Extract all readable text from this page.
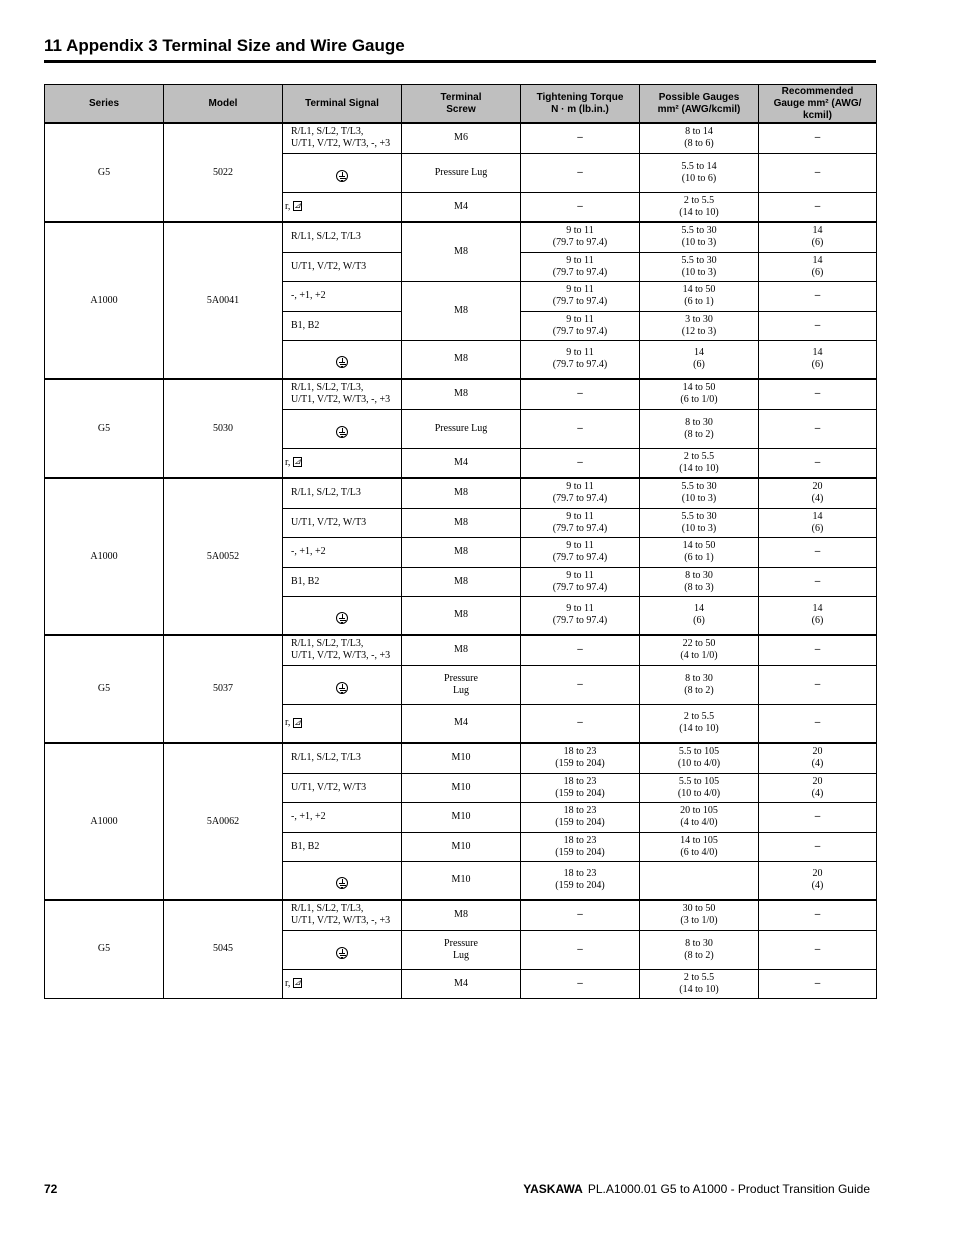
11 Appendix 3 Terminal Size and Wire Gauge
Series	Model	Terminal Signal	Terminal
Screw	Tightening Torque
N · m (lb.in.)	Possible Gauges
mm² (AWG/kcmil)	Recommended
Gauge mm² (AWG/
kcmil)
G5	5022	R/L1, S/L2, T/L3,
U/T1, V/T2, W/T3, -, +3	M6	–	8 to 14
(8 to 6)	–

			Pressure Lug	–	5.5 to 14
(10 to 6)	–
		r, ⊿	M4	–	2 to 5.5
(14 to 10)	–
A1000	5A0041	R/L1, S/L2, T/L3	M8	9 to 11
(79.7 to 97.4)	5.5 to 30
(10 to 3)	14
(6)
		U/T1, V/T2, W/T3		9 to 11
(79.7 to 97.4)	5.5 to 30
(10 to 3)	14
(6)
		-, +1, +2	M8	9 to 11
(79.7 to 97.4)	14 to 50
(6 to 1)	–
		B1, B2		9 to 11
(79.7 to 97.4)	3 to 30
(12 to 3)	–

			M8	9 to 11
(79.7 to 97.4)	14
(6)	14
(6)
G5	5030	R/L1, S/L2, T/L3,
U/T1, V/T2, W/T3, -, +3	M8	–	14 to 50
(6 to 1/0)	–

			Pressure Lug	–	8 to 30
(8 to 2)	–
		r, ⊿	M4	–	2 to 5.5
(14 to 10)	–
A1000	5A0052	R/L1, S/L2, T/L3	M8	9 to 11
(79.7 to 97.4)	5.5 to 30
(10 to 3)	20
(4)
		U/T1, V/T2, W/T3	M8	9 to 11
(79.7 to 97.4)	5.5 to 30
(10 to 3)	14
(6)
		-, +1, +2	M8	9 to 11
(79.7 to 97.4)	14 to 50
(6 to 1)	–
		B1, B2	M8	9 to 11
(79.7 to 97.4)	8 to 30
(8 to 3)	–

			M8	9 to 11
(79.7 to 97.4)	14
(6)	14
(6)
G5	5037	R/L1, S/L2, T/L3,
U/T1, V/T2, W/T3, -, +3	M8	–	22 to 50
(4 to 1/0)	–

			Pressure
Lug	–	8 to 30
(8 to 2)	–
		r, ⊿	M4	–	2 to 5.5
(14 to 10)	–
A1000	5A0062	R/L1, S/L2, T/L3	M10	18 to 23
(159 to 204)	5.5 to 105
(10 to 4/0)	20
(4)
		U/T1, V/T2, W/T3	M10	18 to 23
(159 to 204)	5.5 to 105
(10 to 4/0)	20
(4)
		-, +1, +2	M10	18 to 23
(159 to 204)	20 to 105
(4 to 4/0)	–
		B1, B2	M10	18 to 23
(159 to 204)	14 to 105
(6 to 4/0)	–

			M10	18 to 23
(159 to 204)		20
(4)
G5	5045	R/L1, S/L2, T/L3,
U/T1, V/T2, W/T3, -, +3	M8	–	30 to 50
(3 to 1/0)	–

			Pressure
Lug	–	8 to 30
(8 to 2)	–
		r, ⊿	M4	–	2 to 5.5
(14 to 10)	–
72	YASKAWA PL.A1000.01 G5 to A1000 - Product Transition Guide
